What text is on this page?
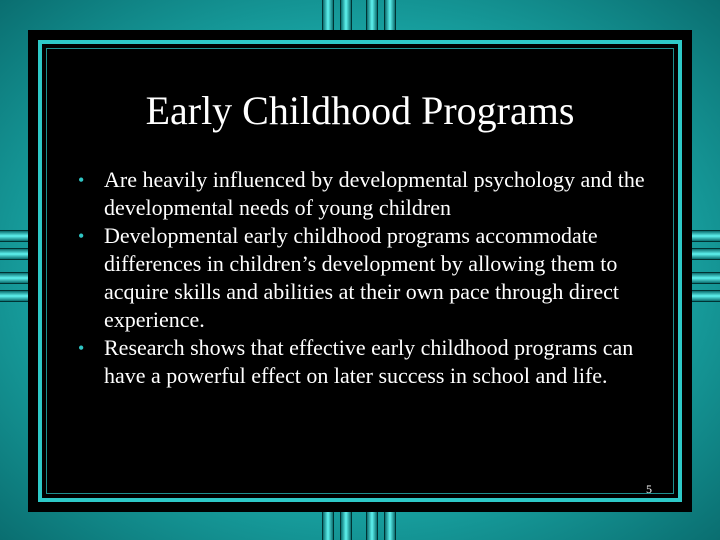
Early Childhood Programs
• Are heavily influenced by developmental psychology and the developmental needs of young children
• Developmental early childhood programs accommodate differences in children’s development by allowing them to acquire skills and abilities at their own pace through direct experience.
• Research shows that effective early childhood programs can have a powerful effect on later success in school and life.
5
